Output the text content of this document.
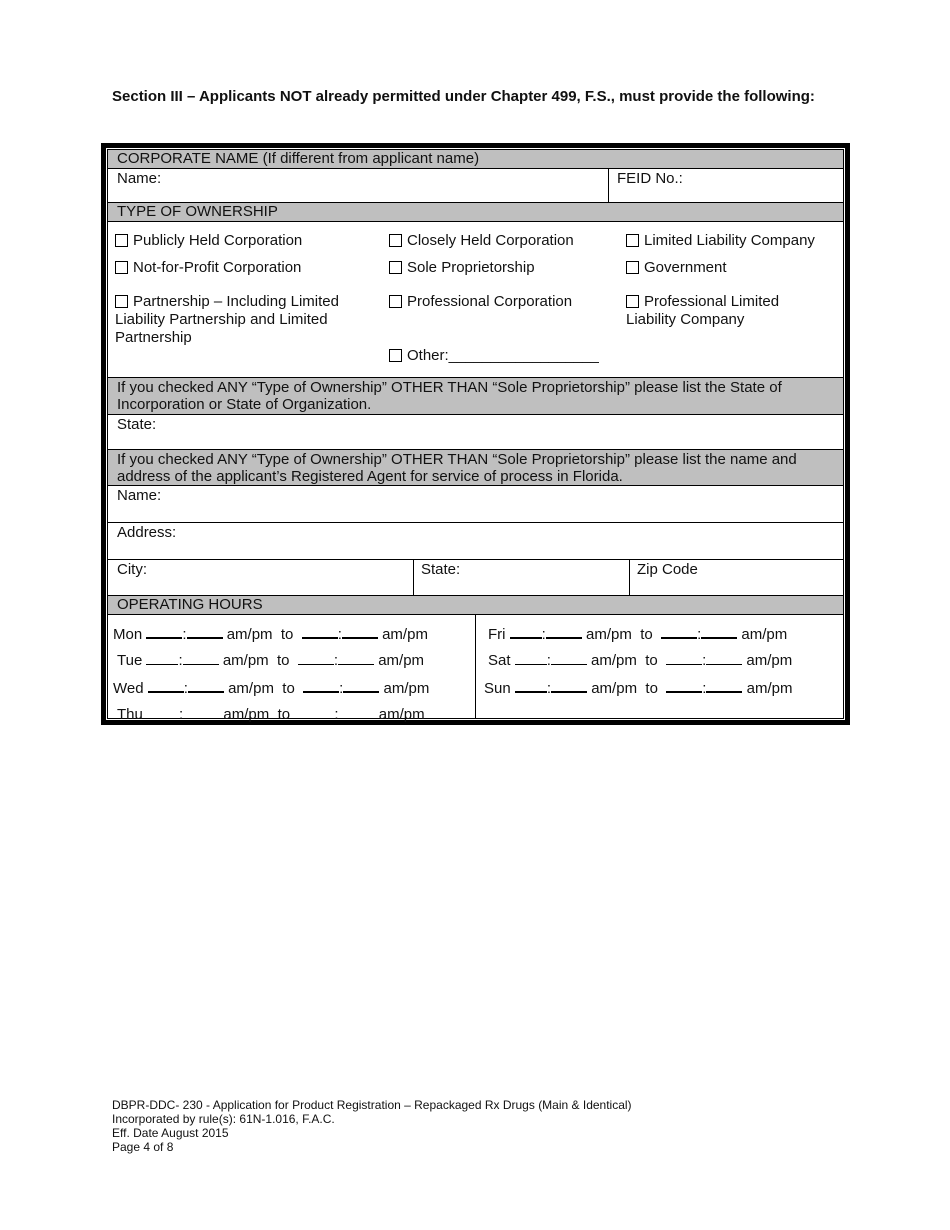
Section III – Applicants NOT already permitted under Chapter 499, F.S., must provide the following:
CORPORATE NAME (If different from applicant name)
Name:	FEID No.:
TYPE OF OWNERSHIP
Publicly Held Corporation	Closely Held Corporation	Limited Liability Company
Not-for-Profit Corporation	Sole Proprietorship	Government
Partnership – Including Limited Liability Partnership and Limited Partnership
Professional Corporation	Professional Limited Liability Company
Other:__________________
If you checked ANY “Type of Ownership” OTHER THAN “Sole Proprietorship” please list the State of Incorporation or State of Organization.
State:
If you checked ANY “Type of Ownership” OTHER THAN “Sole Proprietorship” please list the name and address of the applicant’s Registered Agent for service of process in Florida.
Name:
Address:
City:	State:	Zip Code
OPERATING HOURS
Mon	:	am/pm to	:	am/pm
Tue :	am/pm to	:	am/pm
Wed	:	am/pm to	:	am/pm
Thu :	am/pm to	:	am/pm
Fri :	am/pm to	:	am/pm
Sat :	am/pm to	:	am/pm
Sun :	am/pm to	:	am/pm
DBPR-DDC- 230 - Application for Product Registration – Repackaged Rx Drugs (Main & Identical)
Incorporated by rule(s): 61N-1.016, F.A.C.
Eff. Date August 2015
Page 4 of 8
